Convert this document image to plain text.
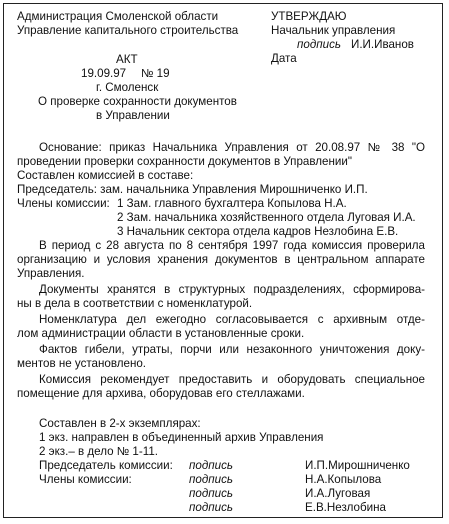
Администрация Смоленской области
Управление капитального строительства
УТВЕРЖДАЮ
Начальник управления
подпись И.И.Иванов
Дата
АКТ
19.09.97 № 19
г. Смоленск
О проверке сохранности документов
в Управлении
Основание: приказ Начальника Управления от 20.08.97 № 38 "О
проведении проверки сохранности документов в Управлении"
Составлен комиссией в составе:
Председатель: зам. начальника Управления Мирошниченко И.П.
Члены комиссии: 1 Зам. главного бухгалтера Копылова Н.А.
2 Зам. начальника хозяйственного отдела Луговая И.А.
3 Начальник сектора отдела кадров Незлобина Е.В.
В период с 28 августа по 8 сентября 1997 года комиссия проверила
организацию и условия хранения документов в центральном аппарате
Управления.
Документы хранятся в структурных подразделениях, сформирова-
ны в дела в соответствии с номенклатурой.
Номенклатура дел ежегодно согласовывается с архивным отде-
лом администрации области в установленные сроки.
Фактов гибели, утраты, порчи или незаконного уничтожения доку-
ментов не установлено.
Комиссия рекомендует предоставить и оборудовать специальное
помещение для архива, оборудовав его стеллажами.
Составлен в 2-х экземплярах:
1 экз. направлен в объединенный архив Управления
2 экз.– в дело № 1-11.
Председатель комиссии: подпись	И.П.Мирошниченко
Члены комиссии:	подпись	Н.А.Копылова
подпись	И.А.Луговая
подпись	Е.В.Незлобина
